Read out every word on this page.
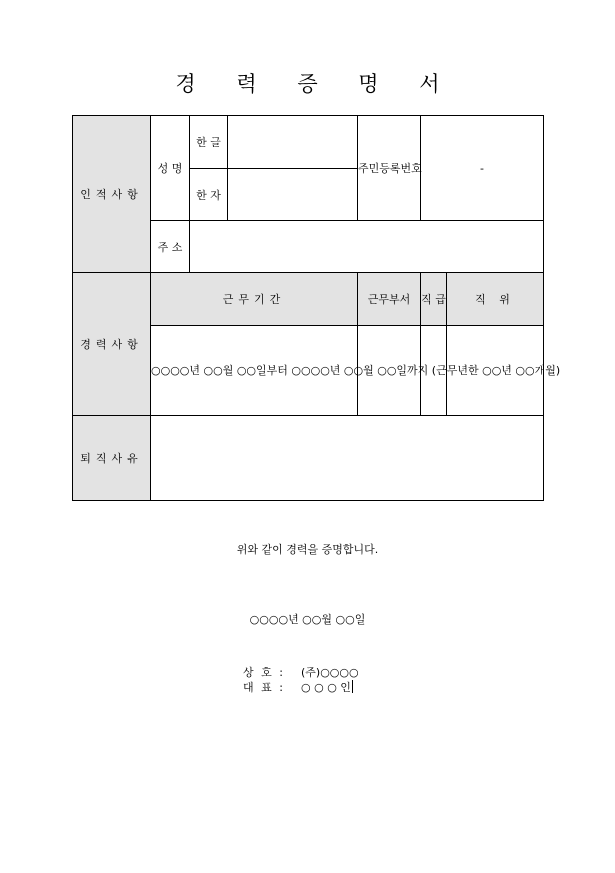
경 력 증 명 서
인적사항	성 명	한 글		주민등록번호	-	
		한 자				
	주 소					
경력사항	근무기간			근무부서	직 급	직 위
	○○○○년 ○○월 ○○일부터 ○○○○년 ○○월 ○○일까지 (근무년한 ○○년 ○○개월)					
퇴직사유						
위와 같이 경력을 증명합니다.
○○○○년 ○○월 ○○일
상 호 : (주)○○○○
대 표 : ○ ○ ○ 인
